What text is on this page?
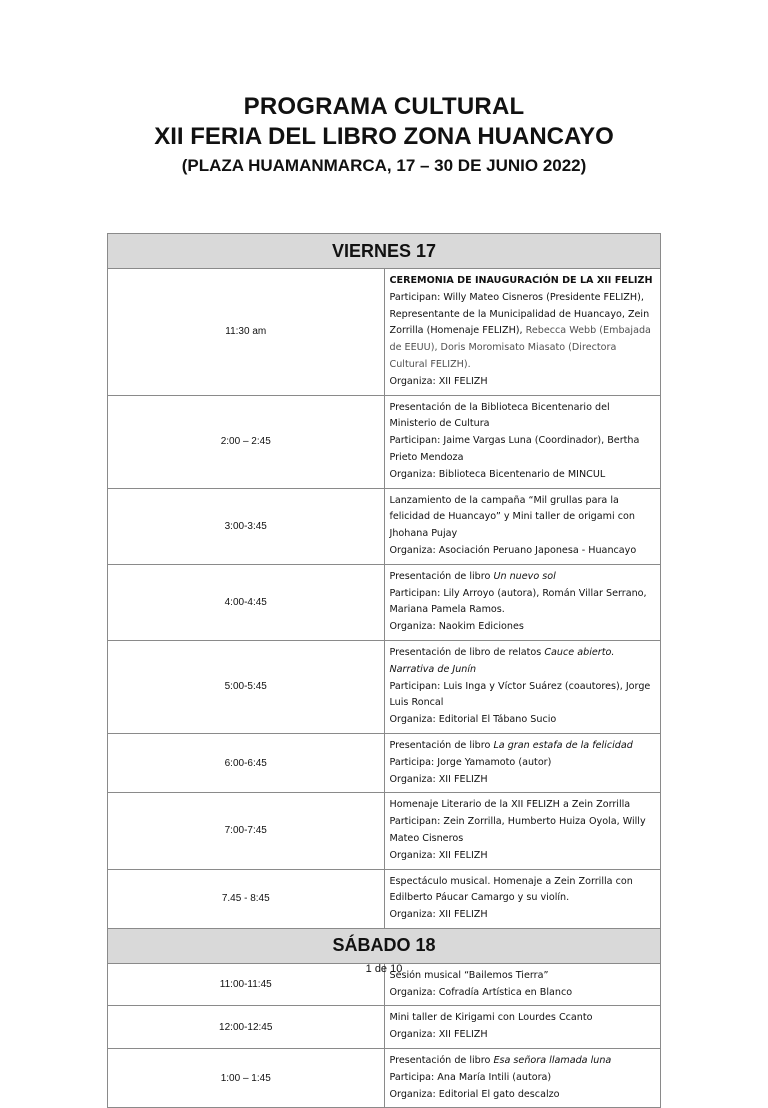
PROGRAMA CULTURAL
XII FERIA DEL LIBRO ZONA HUANCAYO
(PLAZA HUAMANMARCA, 17 – 30 DE JUNIO 2022)
VIERNES 17	
11:30 am	CEREMONIA DE INAUGURACIÓN DE LA XII FELIZH
Participan: Willy Mateo Cisneros (Presidente FELIZH), Representante de la Municipalidad de Huancayo, Zein Zorrilla (Homenaje FELIZH), Rebecca Webb (Embajada de EEUU), Doris Moromisato Miasato (Directora Cultural FELIZH).
Organiza: XII FELIZH

2:00 – 2:45	Presentación de la Biblioteca Bicentenario del Ministerio de Cultura
Participan: Jaime Vargas Luna (Coordinador), Bertha Prieto Mendoza
Organiza: Biblioteca Bicentenario de MINCUL

3:00-3:45	Lanzamiento de la campaña “Mil grullas para la felicidad de Huancayo” y Mini taller de origami con Jhohana Pujay
Organiza: Asociación Peruano Japonesa - Huancayo

4:00-4:45	Presentación de libro Un nuevo sol
Participan: Lily Arroyo (autora), Román Villar Serrano, Mariana Pamela Ramos.
Organiza: Naokim Ediciones

5:00-5:45	Presentación de libro de relatos Cauce abierto. Narrativa de Junín
Participan: Luis Inga y Víctor Suárez (coautores), Jorge Luis Roncal
Organiza: Editorial El Tábano Sucio

6:00-6:45	Presentación de libro La gran estafa de la felicidad
Participa: Jorge Yamamoto (autor)
Organiza: XII FELIZH

7:00-7:45	Homenaje Literario de la XII FELIZH a Zein Zorrilla
Participan: Zein Zorrilla, Humberto Huiza Oyola, Willy Mateo Cisneros
Organiza: XII FELIZH

7.45 - 8:45	Espectáculo musical. Homenaje a Zein Zorrilla con Edilberto Páucar Camargo y su violín.
Organiza: XII FELIZH

SÁBADO 18	
11:00-11:45	Sesión musical “Bailemos Tierra”
Organiza: Cofradía Artística en Blanco

12:00-12:45	Mini taller de Kirigami con Lourdes Ccanto
Organiza: XII FELIZH

1:00 – 1:45	Presentación de libro Esa señora llamada luna
Participa: Ana María Intili (autora)
Organiza: Editorial El gato descalzo
1 de 10
